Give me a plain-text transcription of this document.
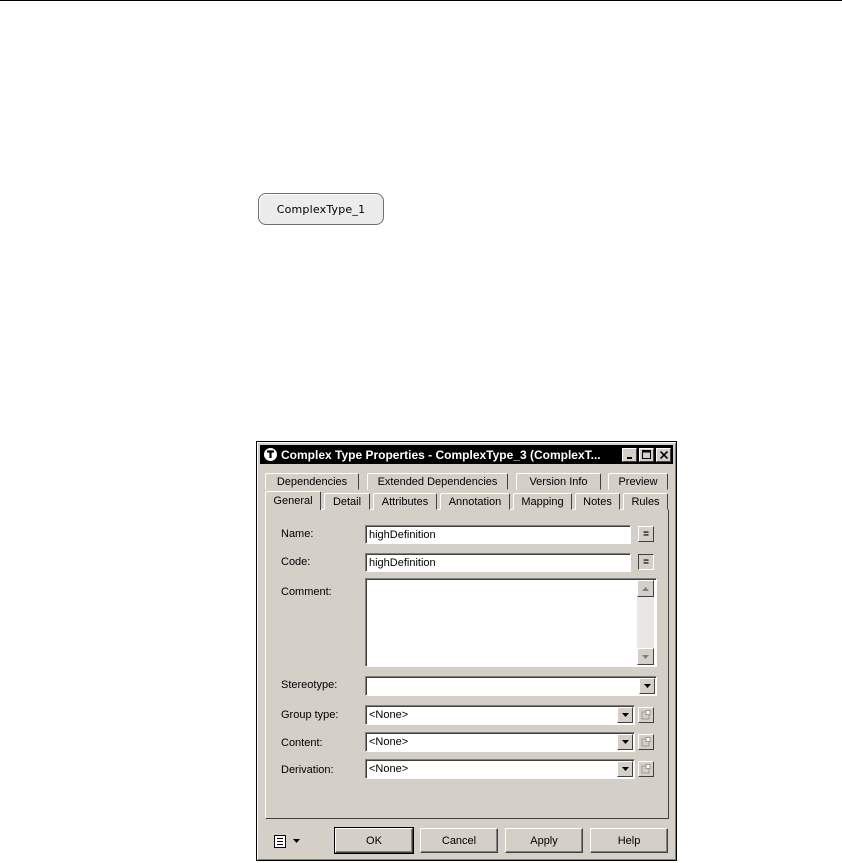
ComplexType_1
Complex Type Properties - ComplexType_3 (ComplexT...
Dependencies	Extended Dependencies	Version Info	Preview
General Detail Attributes Annotation Mapping Notes Rules
Name:	highDefinition	=
Code:	highDefinition	=
Comment:
Stereotype:
Group type:	<None>
Content:	<None>
Derivation:	<None>
OK	Cancel	Apply	Help
